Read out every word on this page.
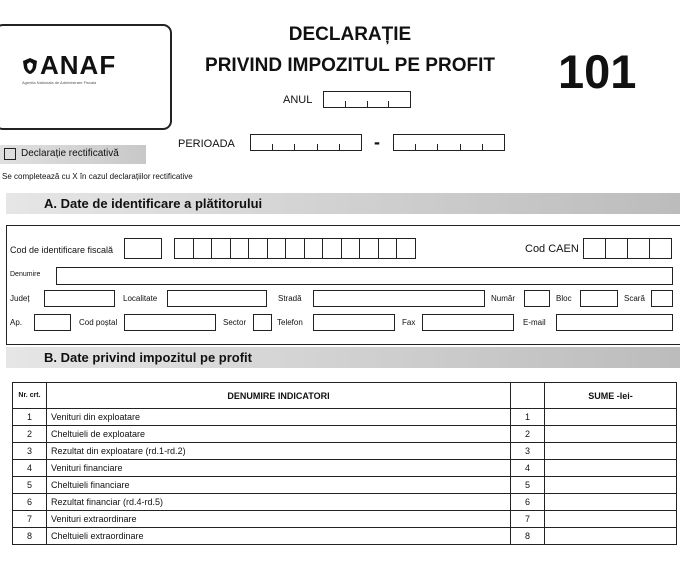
ANAF
Agentia Nationala de Administrare Fiscala
DECLARAȚIE
PRIVIND IMPOZITUL PE PROFIT	101
ANUL
PERIOADA	-
Declarație rectificativă
Se completează cu X în cazul declarațiilor rectificative
A. Date de identificare a plătitorului
Cod de identificare fiscală	Cod CAEN
Denumire
Județ	Localitate	Stradă	Număr	Bloc	Scară
Ap.	Cod poștal	Sector	Telefon	Fax	E-mail
B. Date privind impozitul pe profit
Nr. crt.	DENUMIRE INDICATORI		SUME -lei-
1	Venituri din exploatare	1	
2	Cheltuieli de exploatare	2	
3	Rezultat din exploatare (rd.1-rd.2)	3	
4	Venituri financiare	4	
5	Cheltuieli financiare	5	
6	Rezultat financiar (rd.4-rd.5)	6	
7	Venituri extraordinare	7	
8	Cheltuieli extraordinare	8	
